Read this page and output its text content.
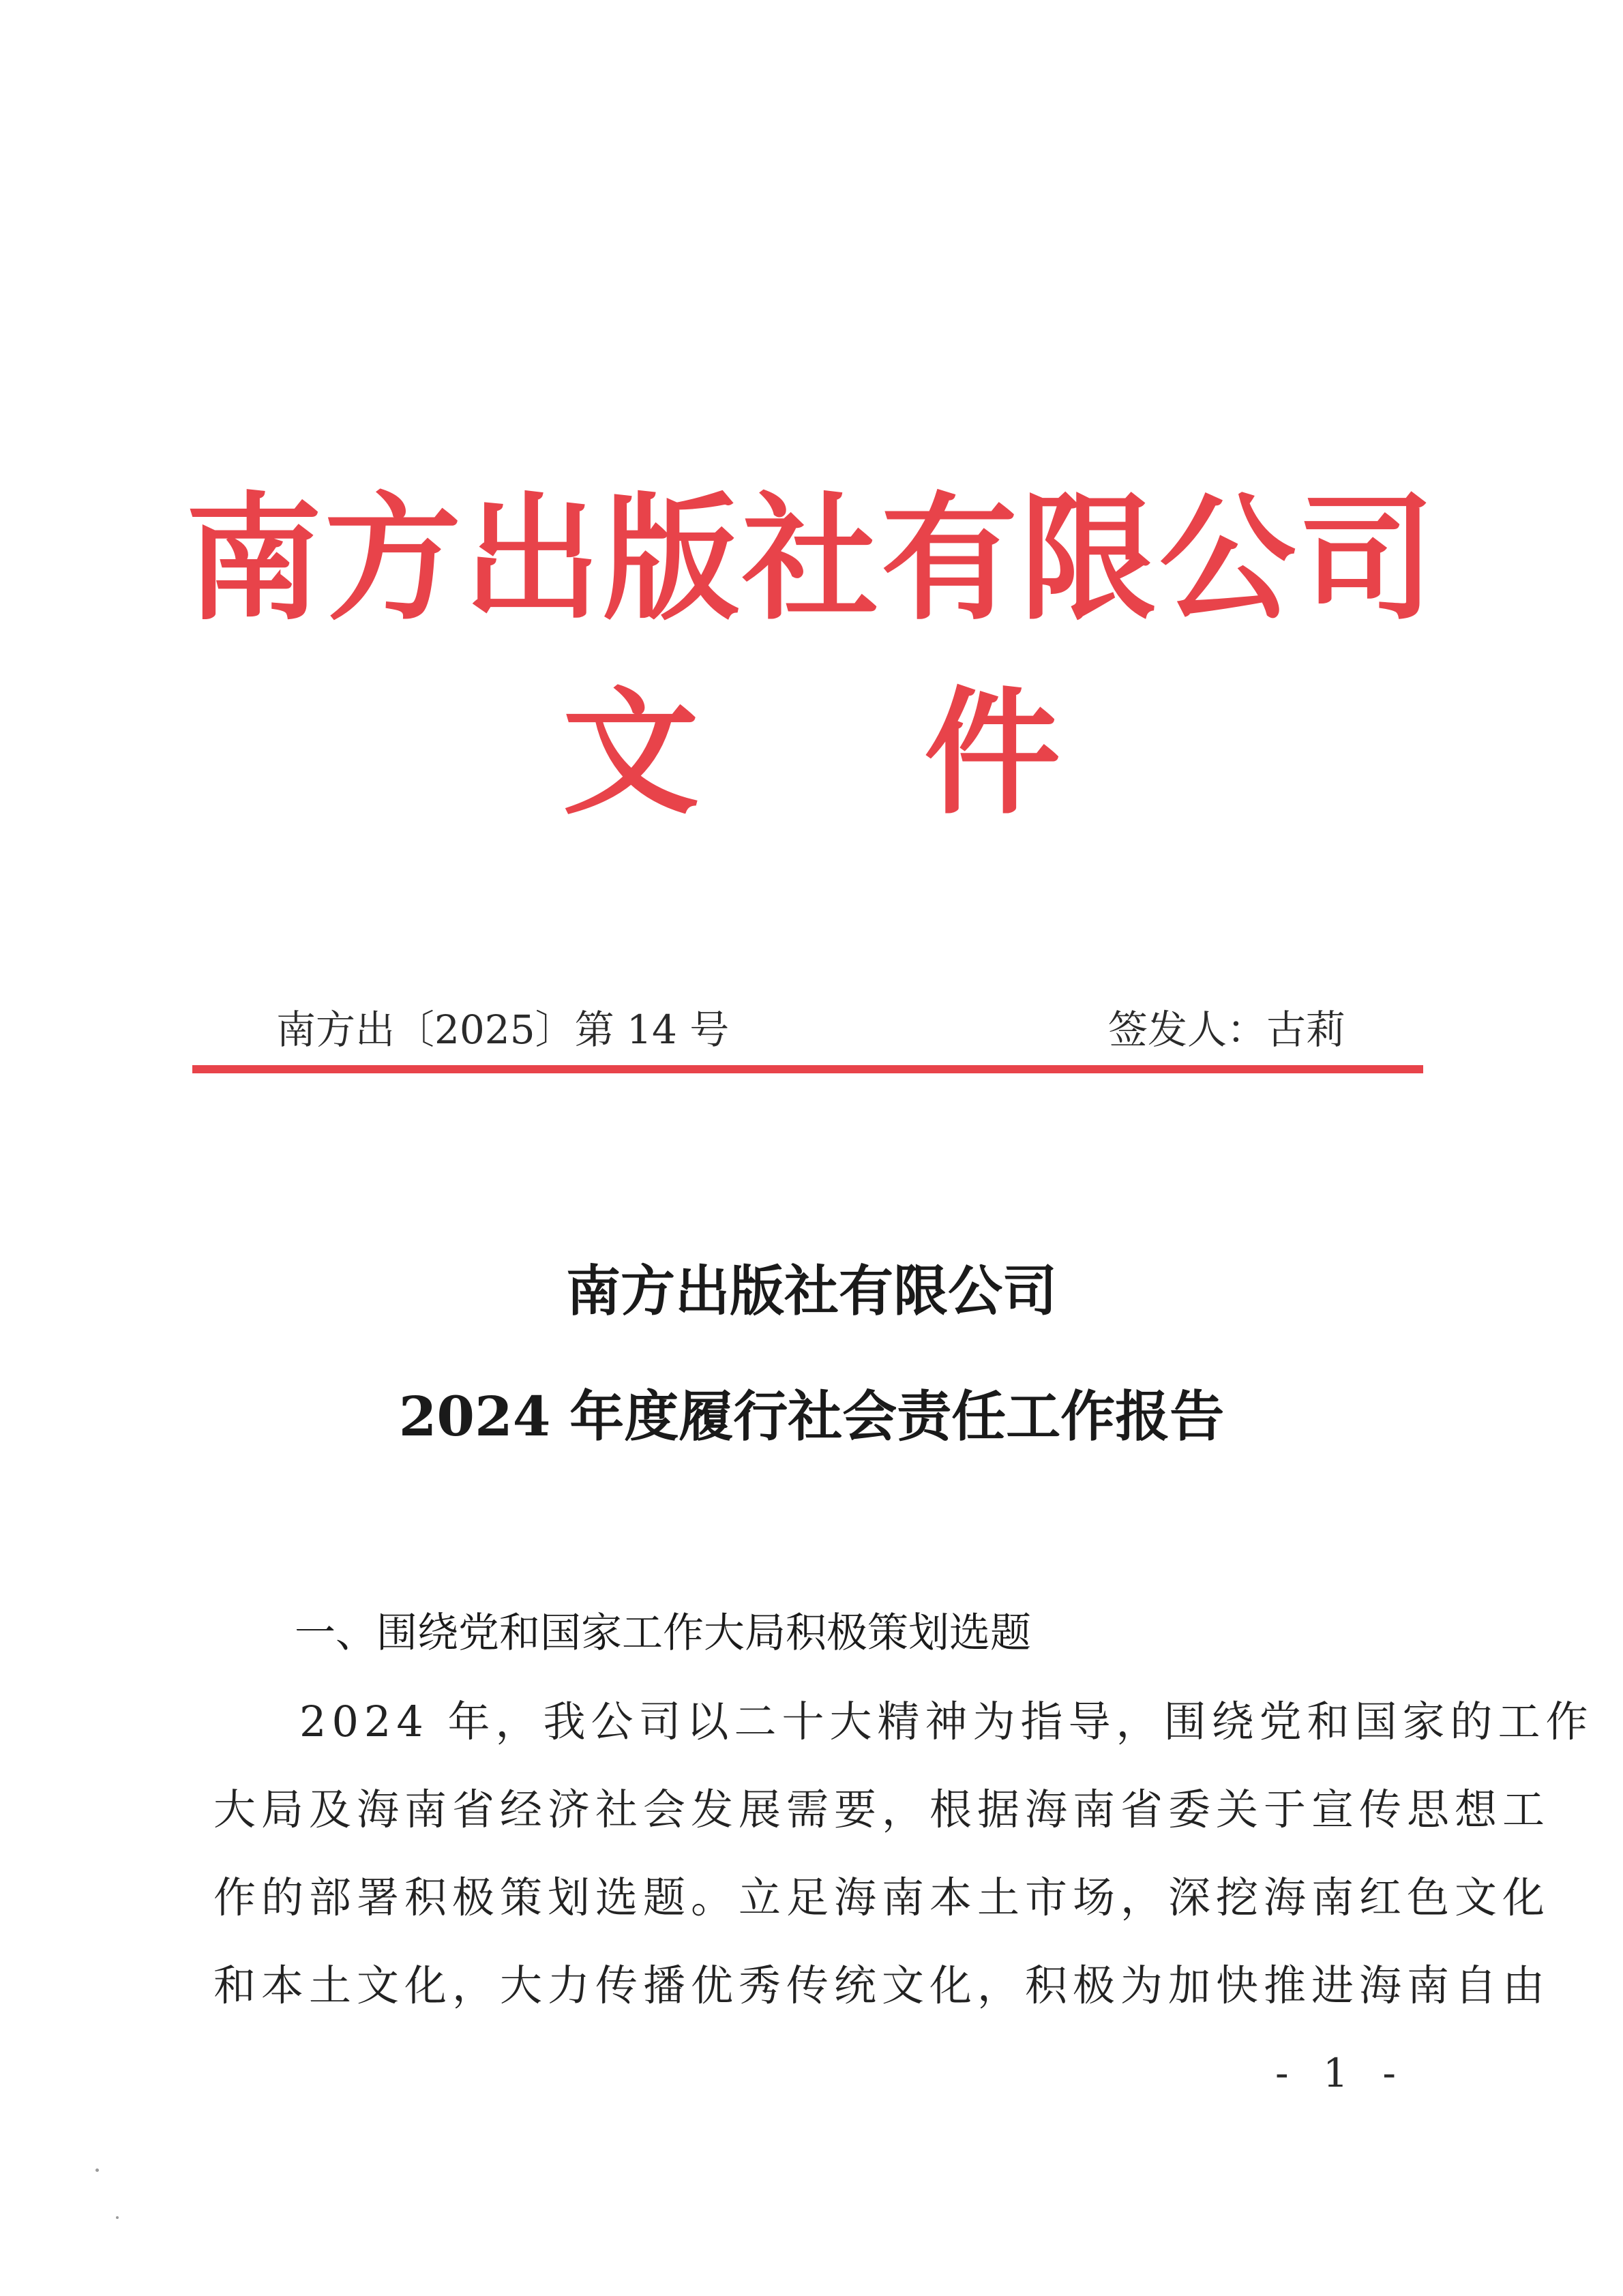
南方出版社有限公司
文 件
南方出〔2025〕第 14 号	签发人：古莉
南方出版社有限公司
2024 年度履行社会责任工作报告
一、围绕党和国家工作大局积极策划选题
2024 年，我公司以二十大精神为指导，围绕党和国家的工作
大局及海南省经济社会发展需要，根据海南省委关于宣传思想工
作的部署积极策划选题。立足海南本土市场，深挖海南红色文化
和本土文化，大力传播优秀传统文化，积极为加快推进海南自由
- 1 -
